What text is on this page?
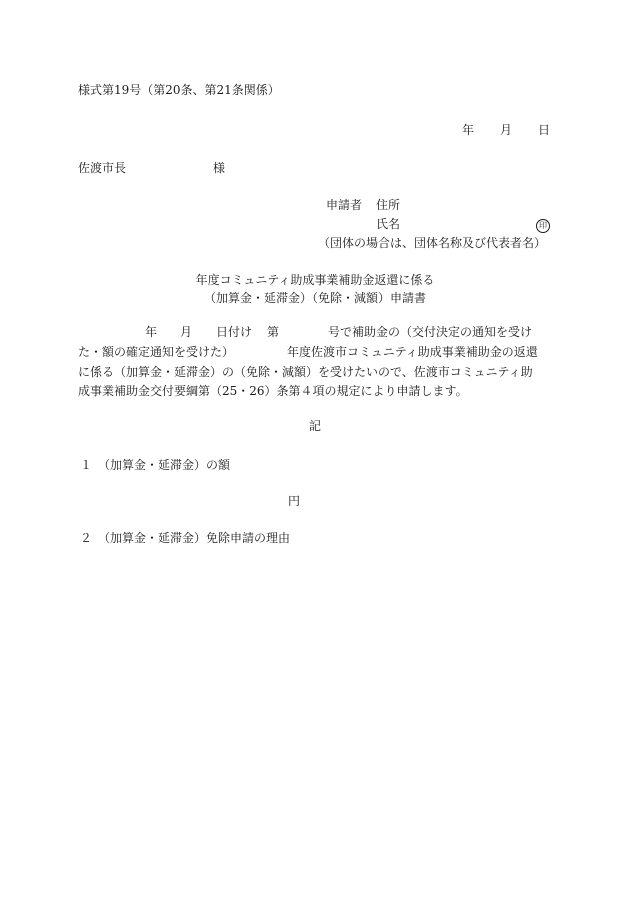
様式第19号（第20条、第21条関係）
年 月 日
佐渡市長	様
申請者 住所
氏名	印
（団体の場合は、団体名称及び代表者名）
年度コミュニティ助成事業補助金返還に係る
（加算金・延滞金）（免除・減額）申請書
年 月 日付け 第	号で補助金の（交付決定の通知を受け
た・額の確定通知を受けた）	年度佐渡市コミュニティ助成事業補助金の返還
に係る（加算金・延滞金）の（免除・減額）を受けたいので、佐渡市コミュニティ助
成事業補助金交付要綱第（25・26）条第４項の規定により申請します。
記
１ （加算金・延滞金）の額
円
２ （加算金・延滞金）免除申請の理由
